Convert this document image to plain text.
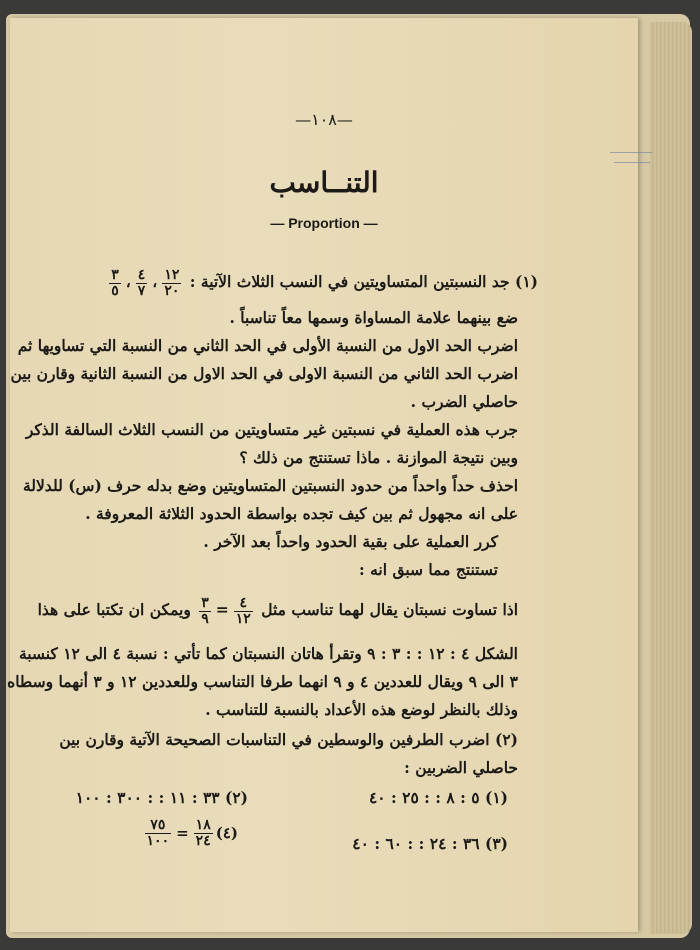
—١٠٨—
التنــاسب
— Proportion —
(١) جد النسبتين المتساويتين في النسب الثلاث الآتية :
$\frac{١٢}{٢٠}$
،
$\frac{٤}{٧}$
،
$\frac{٣}{٥}$
ضع بينهما علامة المساواة وسمها معاً تناسباً .
اضرب الحد الاول من النسبة الأولى في الحد الثاني من النسبة التي تساويها ثم
اضرب الحد الثاني من النسبة الاولى في الحد الاول من النسبة الثانية وقارن بين
حاصلي الضرب .
جرب هذه العملية في نسبتين غير متساويتين من النسب الثلاث السالفة الذكر
وبين نتيجة الموازنة . ماذا تستنتج من ذلك ؟
احذف حداً واحداً من حدود النسبتين المتساويتين وضع بدله حرف (س) للدلالة
على انه مجهول ثم بين كيف تجده بواسطة الحدود الثلاثة المعروفة .
كرر العملية على بقية الحدود واحداً بعد الآخر .
تستنتج مما سبق انه :
اذا تساوت نسبتان يقال لهما تناسب مثل
$\frac{٤}{١٢}$
=
$\frac{٣}{٩}$
ويمكن ان تكتبا على هذا
الشكل ٤ : ١٢ : : ٣ : ٩ وتقرأ هاتان النسبتان كما تأتي : نسبة ٤ الى ١٢ كنسبة
٣ الى ٩ ويقال للعددين ٤ و ٩ انهما طرفا التناسب وللعددين ١٢ و ٣ أنهما وسطاه
وذلك بالنظر لوضع هذه الأعداد بالنسبة للتناسب .
(٢) اضرب الطرفين والوسطين في التناسبات الصحيحة الآتية وقارن بين
حاصلي الضربين :
(١) ٥ : ٨ : : ٢٥ : ٤٠
(٢) ٣٣ : ١١ : : ٣٠٠ : ١٠٠
(٣) ٣٦ : ٢٤ : : ٦٠ : ٤٠
(٤)
$\frac{١٨}{٢٤}$
=
$\frac{٧٥}{١٠٠}$
